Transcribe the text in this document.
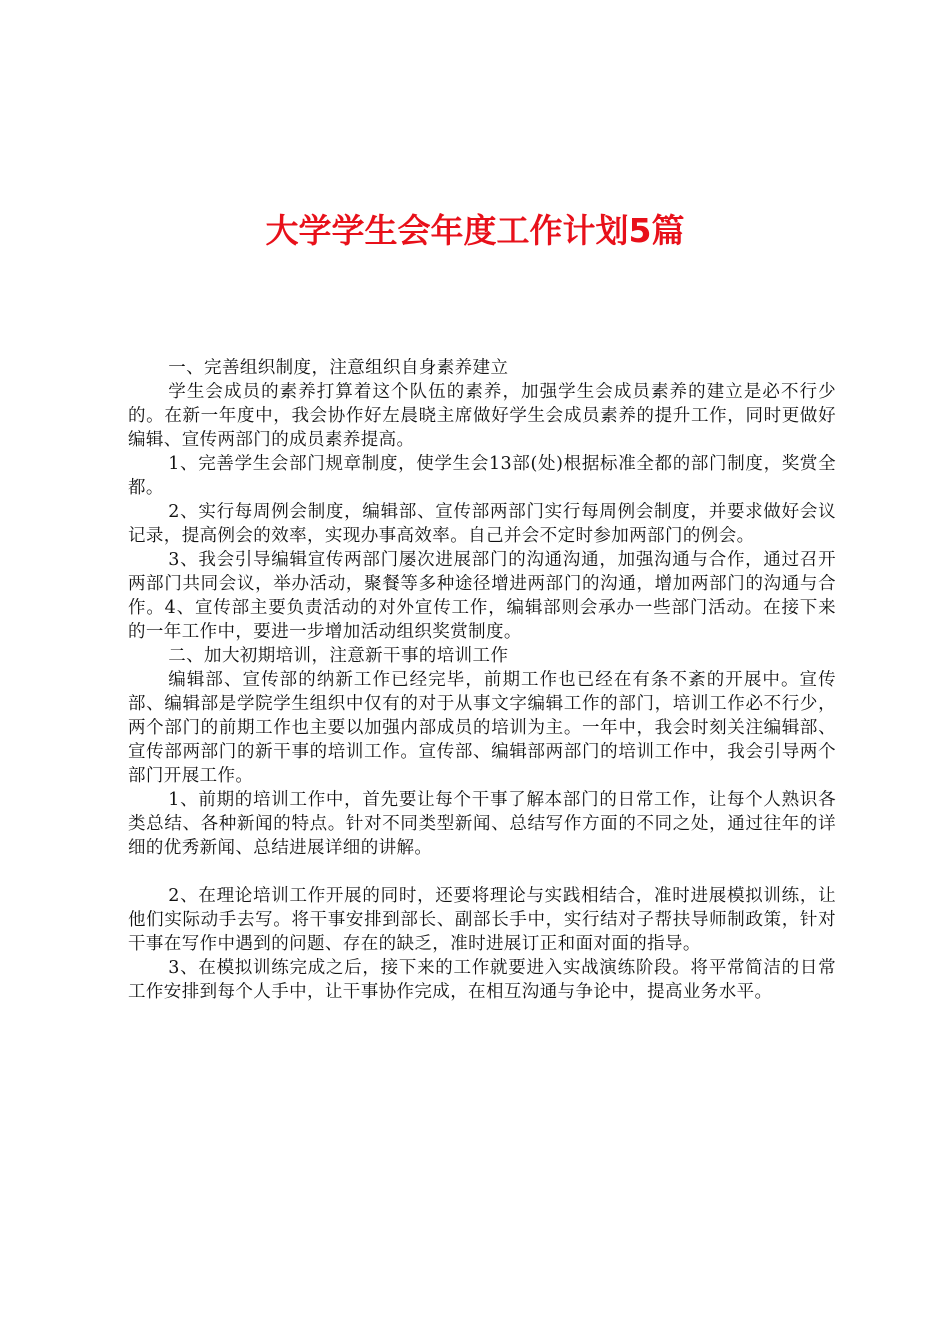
大学学生会年度工作计划5篇

一、完善组织制度，注意组织自身素养建立

学生会成员的素养打算着这个队伍的素养，加强学生会成员素养的建立是必不行少的。在新一年度中，我会协作好左晨晓主席做好学生会成员素养的提升工作，同时更做好编辑、宣传两部门的成员素养提高。

1、完善学生会部门规章制度，使学生会13部(处)根据标准全都的部门制度，奖赏全都。

2、实行每周例会制度，编辑部、宣传部两部门实行每周例会制度，并要求做好会议记录，提高例会的效率，实现办事高效率。自己并会不定时参加两部门的例会。

3、我会引导编辑宣传两部门屡次进展部门的沟通沟通，加强沟通与合作，通过召开两部门共同会议，举办活动，聚餐等多种途径增进两部门的沟通，增加两部门的沟通与合作。4、宣传部主要负责活动的对外宣传工作，编辑部则会承办一些部门活动。在接下来的一年工作中，要进一步增加活动组织奖赏制度。

二、加大初期培训，注意新干事的培训工作

编辑部、宣传部的纳新工作已经完毕，前期工作也已经在有条不紊的开展中。宣传部、编辑部是学院学生组织中仅有的对于从事文字编辑工作的部门，培训工作必不行少，两个部门的前期工作也主要以加强内部成员的培训为主。一年中，我会时刻关注编辑部、宣传部两部门的新干事的培训工作。宣传部、编辑部两部门的培训工作中，我会引导两个部门开展工作。

1、前期的培训工作中，首先要让每个干事了解本部门的日常工作，让每个人熟识各类总结、各种新闻的特点。针对不同类型新闻、总结写作方面的不同之处，通过往年的详细的优秀新闻、总结进展详细的讲解。

2、在理论培训工作开展的同时，还要将理论与实践相结合，准时进展模拟训练，让他们实际动手去写。将干事安排到部长、副部长手中，实行结对子帮扶导师制政策，针对干事在写作中遇到的问题、存在的缺乏，准时进展订正和面对面的指导。

3、在模拟训练完成之后，接下来的工作就要进入实战演练阶段。将平常简洁的日常工作安排到每个人手中，让干事协作完成，在相互沟通与争论中，提高业务水平。
